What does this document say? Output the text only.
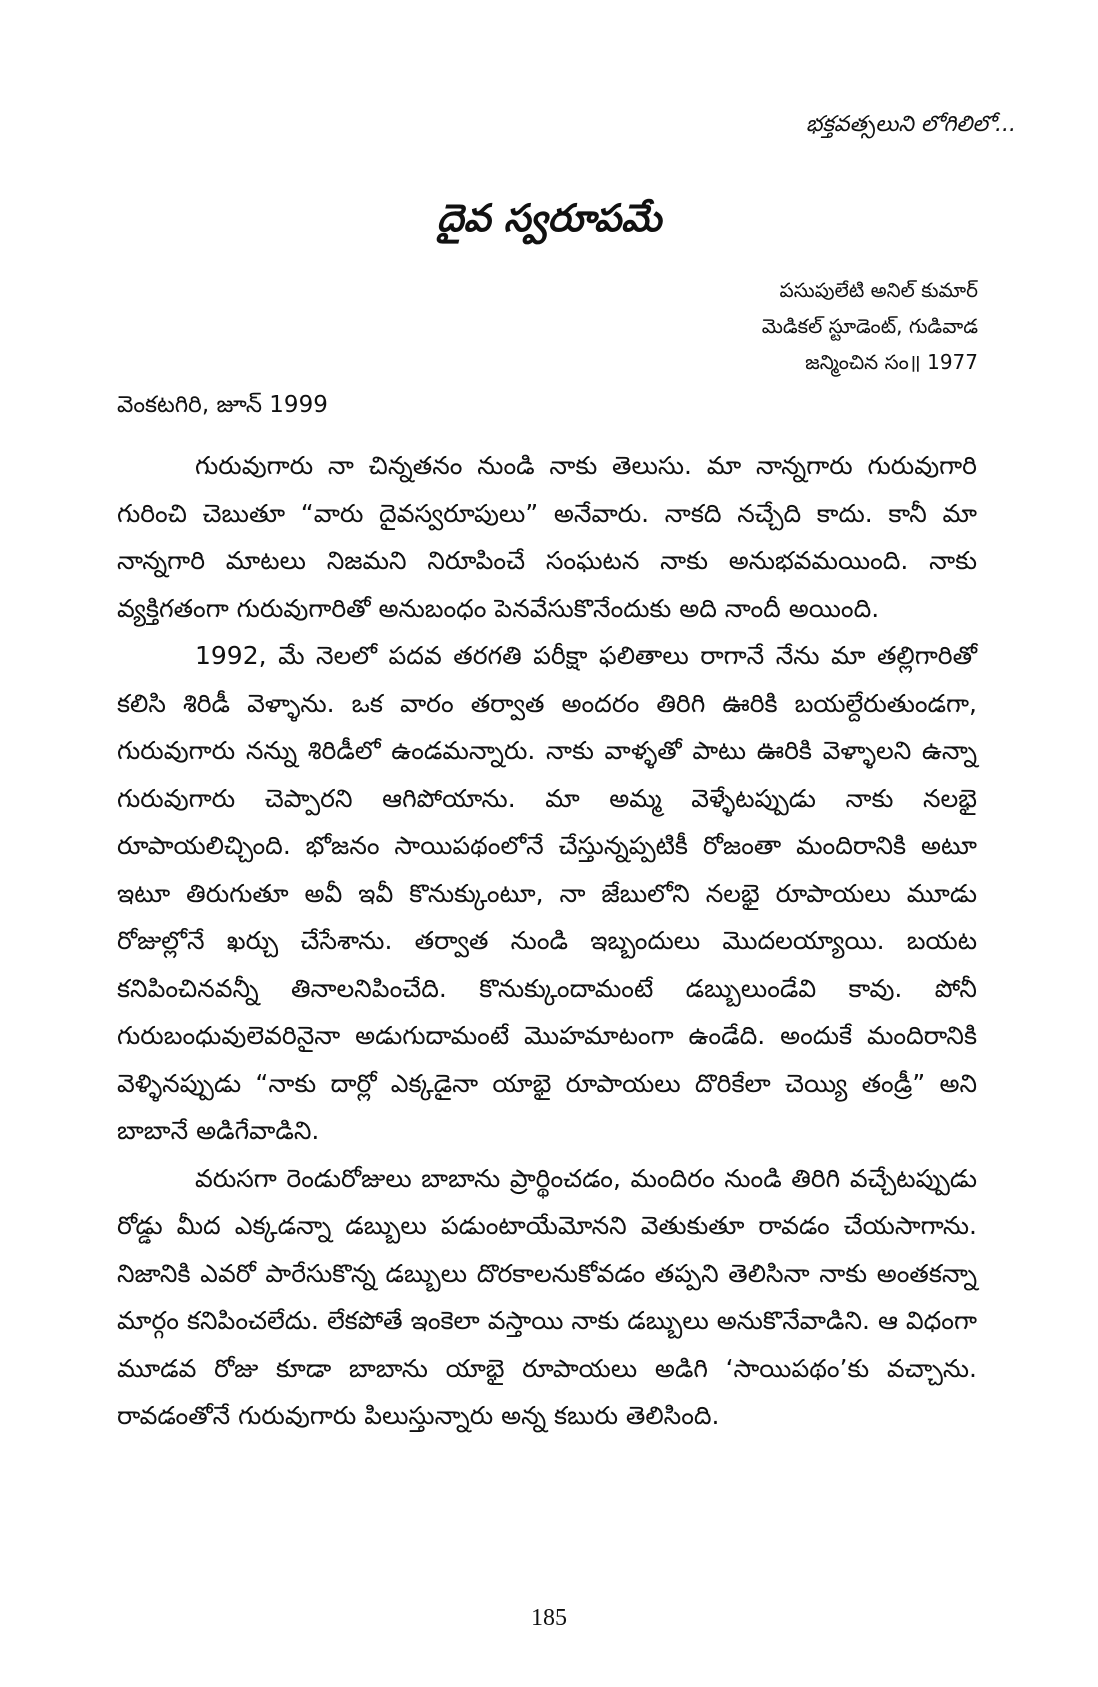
భక్తవత్సలుని లోగిలిలో...
దైవ స్వరూపమే
పసుపులేటి అనిల్ కుమార్
మెడికల్ స్టూడెంట్, గుడివాడ
జన్మించిన సం॥ 1977
వెంకటగిరి, జూన్ 1999

గురువుగారు నా చిన్నతనం నుండి నాకు తెలుసు. మా నాన్నగారు గురువుగారి గురించి చెబుతూ “వారు దైవస్వరూపులు” అనేవారు. నాకది నచ్చేది కాదు. కానీ మా నాన్నగారి మాటలు నిజమని నిరూపించే సంఘటన నాకు అనుభవమయింది. నాకు వ్యక్తిగతంగా గురువుగారితో అనుబంధం పెనవేసుకొనేందుకు అది నాందీ అయింది.

1992, మే నెలలో పదవ తరగతి పరీక్షా ఫలితాలు రాగానే నేను మా తల్లిగారితో కలిసి శిరిడీ వెళ్ళాను. ఒక వారం తర్వాత అందరం తిరిగి ఊరికి బయల్దేరుతుండగా, గురువుగారు నన్ను శిరిడీలో ఉండమన్నారు. నాకు వాళ్ళతో పాటు ఊరికి వెళ్ళాలని ఉన్నా గురువుగారు చెప్పారని ఆగిపోయాను. మా అమ్మ వెళ్ళేటప్పుడు నాకు నలభై రూపాయలిచ్చింది. భోజనం సాయిపథంలోనే చేస్తున్నప్పటికీ రోజంతా మందిరానికి అటూ ఇటూ తిరుగుతూ అవీ ఇవీ కొనుక్కుంటూ, నా జేబులోని నలభై రూపాయలు మూడు రోజుల్లోనే ఖర్చు చేసేశాను. తర్వాత నుండి ఇబ్బందులు మొదలయ్యాయి. బయట కనిపించినవన్నీ తినాలనిపించేది. కొనుక్కుందామంటే డబ్బులుండేవి కావు. పోనీ గురుబంధువులెవరినైనా అడుగుదామంటే మొహమాటంగా ఉండేది. అందుకే మందిరానికి వెళ్ళినప్పుడు “నాకు దార్లో ఎక్కడైనా యాభై రూపాయలు దొరికేలా చెయ్యి తండ్రీ” అని బాబానే అడిగేవాడిని.

వరుసగా రెండురోజులు బాబాను ప్రార్థించడం, మందిరం నుండి తిరిగి వచ్చేటప్పుడు రోడ్డు మీద ఎక్కడన్నా డబ్బులు పడుంటాయేమోనని వెతుకుతూ రావడం చేయసాగాను. నిజానికి ఎవరో పారేసుకొన్న డబ్బులు దొరకాలనుకోవడం తప్పని తెలిసినా నాకు అంతకన్నా మార్గం కనిపించలేదు. లేకపోతే ఇంకెలా వస్తాయి నాకు డబ్బులు అనుకొనేవాడిని. ఆ విధంగా మూడవ రోజు కూడా బాబాను యాభై రూపాయలు అడిగి ‘సాయిపథం’కు వచ్చాను. రావడంతోనే గురువుగారు పిలుస్తున్నారు అన్న కబురు తెలిసింది.

185
